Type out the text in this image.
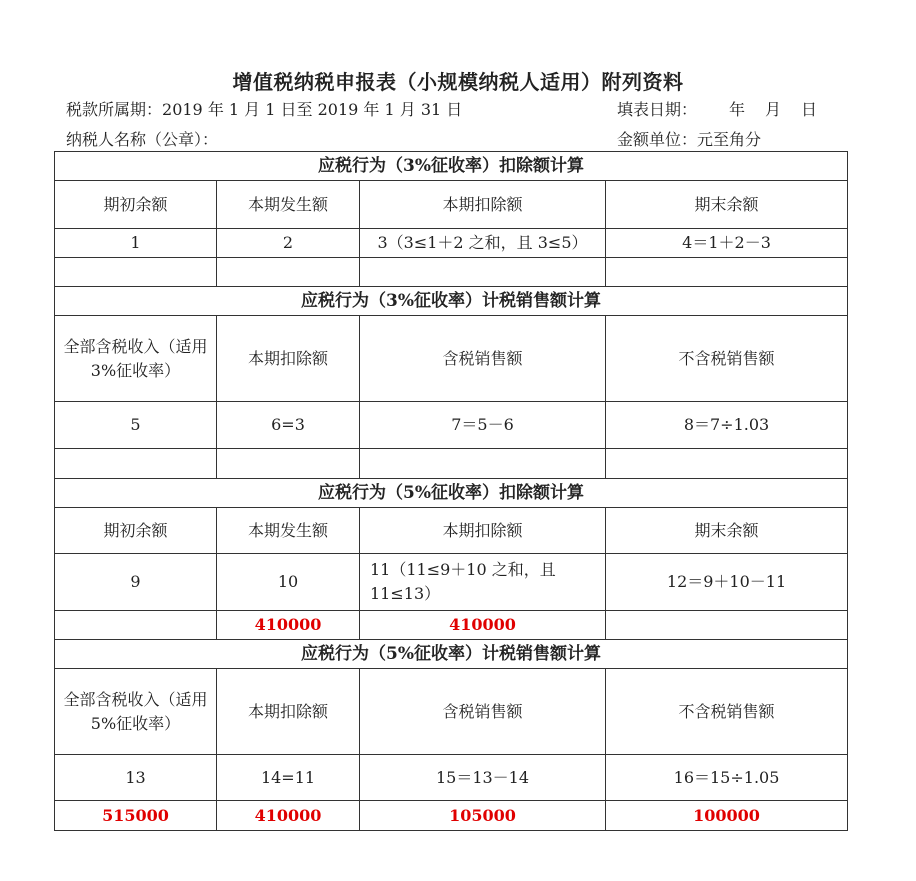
增值税纳税申报表（小规模纳税人适用）附列资料
税款所属期：2019 年 1 月 1 日至 2019 年 1 月 31 日	填表日期： 年 月 日
纳税人名称（公章）：	金额单位：元至角分
应税行为（3%征收率）扣除额计算			
期初余额	本期发生额	本期扣除额	期末余额
1	2	3（3≤1＋2 之和，且 3≤5）	4＝1＋2－3

应税行为（3%征收率）计税销售额计算			
全部含税收入（适用 3%征收率）	本期扣除额	含税销售额	不含税销售额
5	6=3	7＝5－6	8＝7÷1.03

应税行为（5%征收率）扣除额计算			
期初余额	本期发生额	本期扣除额	期末余额
9	10	11（11≤9＋10 之和，且 11≤13）	12＝9＋10－11
	410000	410000	
应税行为（5%征收率）计税销售额计算			
全部含税收入（适用 5%征收率）	本期扣除额	含税销售额	不含税销售额
13	14=11	15＝13－14	16＝15÷1.05
515000	410000	105000	100000
